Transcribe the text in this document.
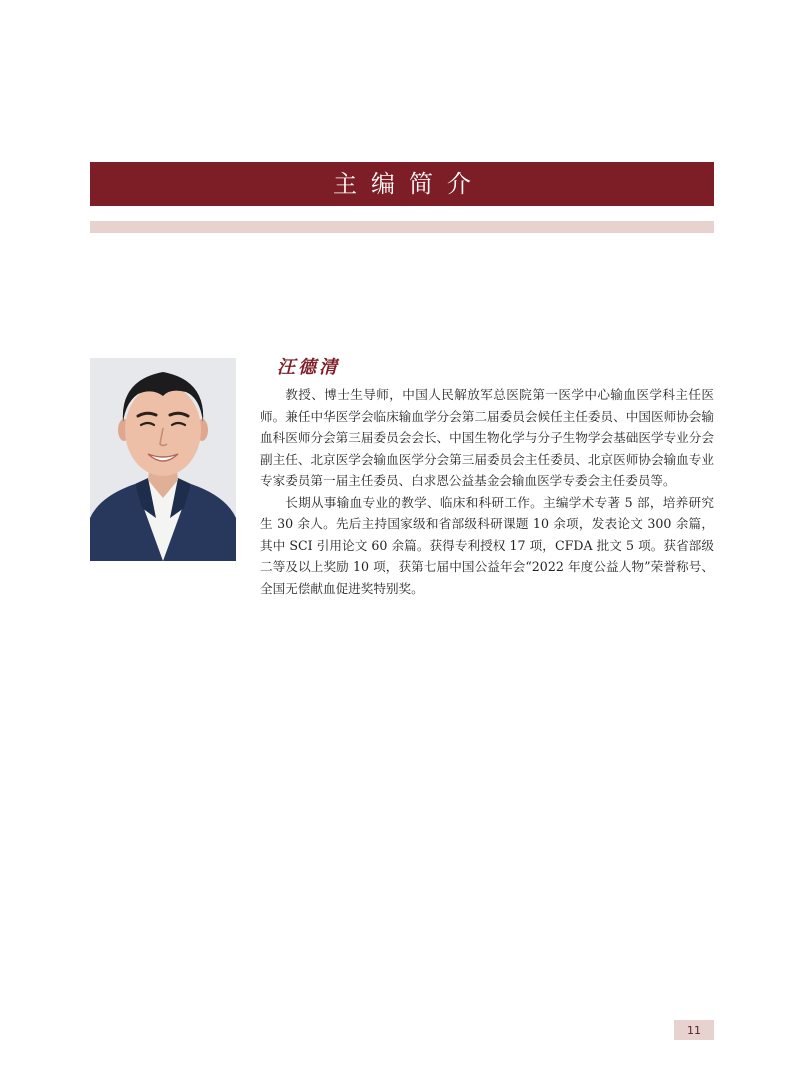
主编简介
汪德清

教授、博士生导师，中国人民解放军总医院第一医学中心输血医学科主任医师。兼任中华医学会临床输血学分会第二届委员会候任主任委员、中国医师协会输血科医师分会第三届委员会会长、中国生物化学与分子生物学会基础医学专业分会副主任、北京医学会输血医学分会第三届委员会主任委员、北京医师协会输血专业专家委员第一届主任委员、白求恩公益基金会输血医学专委会主任委员等。

长期从事输血专业的教学、临床和科研工作。主编学术专著 5 部，培养研究生 30 余人。先后主持国家级和省部级科研课题 10 余项，发表论文 300 余篇，其中 SCI 引用论文 60 余篇。获得专利授权 17 项，CFDA 批文 5 项。获省部级二等及以上奖励 10 项，获第七届中国公益年会“2022 年度公益人物”荣誉称号、全国无偿献血促进奖特别奖。

11
